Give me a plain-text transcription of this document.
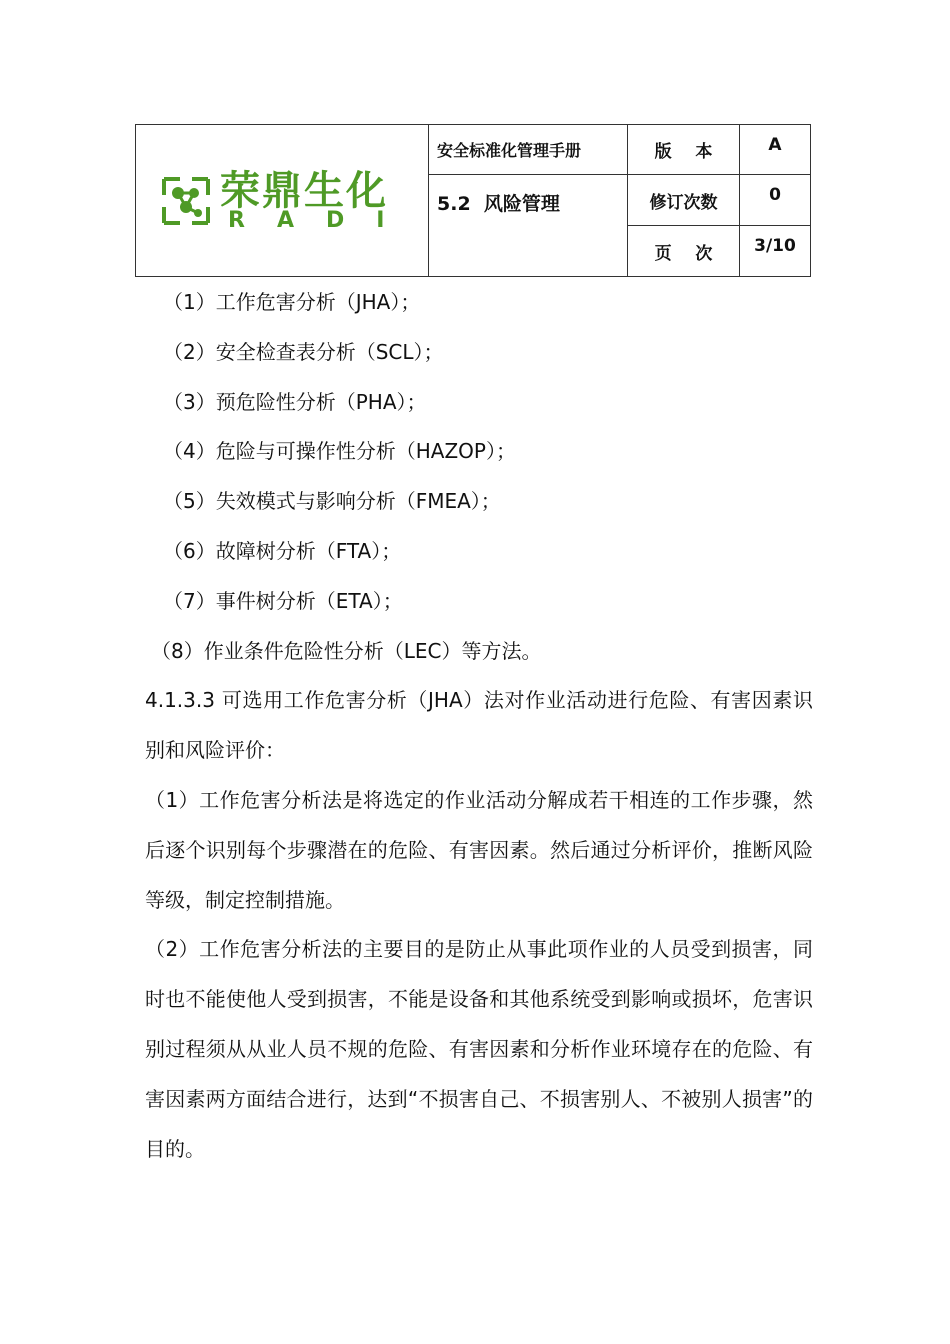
荣鼎生化
RADI	安全标准化管理手册	版    本	A
	5.2  风险管理	修订次数	0
		页    次	3/10

（1）工作危害分析（JHA）；

（2）安全检查表分析（SCL）；

（3）预危险性分析（PHA）；

（4）危险与可操作性分析（HAZOP）；

（5）失效模式与影响分析（FMEA）；

（6）故障树分析（FTA）；

（7）事件树分析（ETA）；

（8）作业条件危险性分析（LEC）等方法。

4.1.3.3 可选用工作危害分析（JHA）法对作业活动进行危险、有害因素识别和风险评价：

（1）工作危害分析法是将选定的作业活动分解成若干相连的工作步骤，然后逐个识别每个步骤潜在的危险、有害因素。然后通过分析评价，推断风险等级，制定控制措施。

（2）工作危害分析法的主要目的是防止从事此项作业的人员受到损害，同时也不能使他人受到损害，不能是设备和其他系统受到影响或损坏，危害识别过程须从从业人员不规的危险、有害因素和分析作业环境存在的危险、有害因素两方面结合进行，达到“不损害自己、不损害别人、不被别人损害”的目的。
